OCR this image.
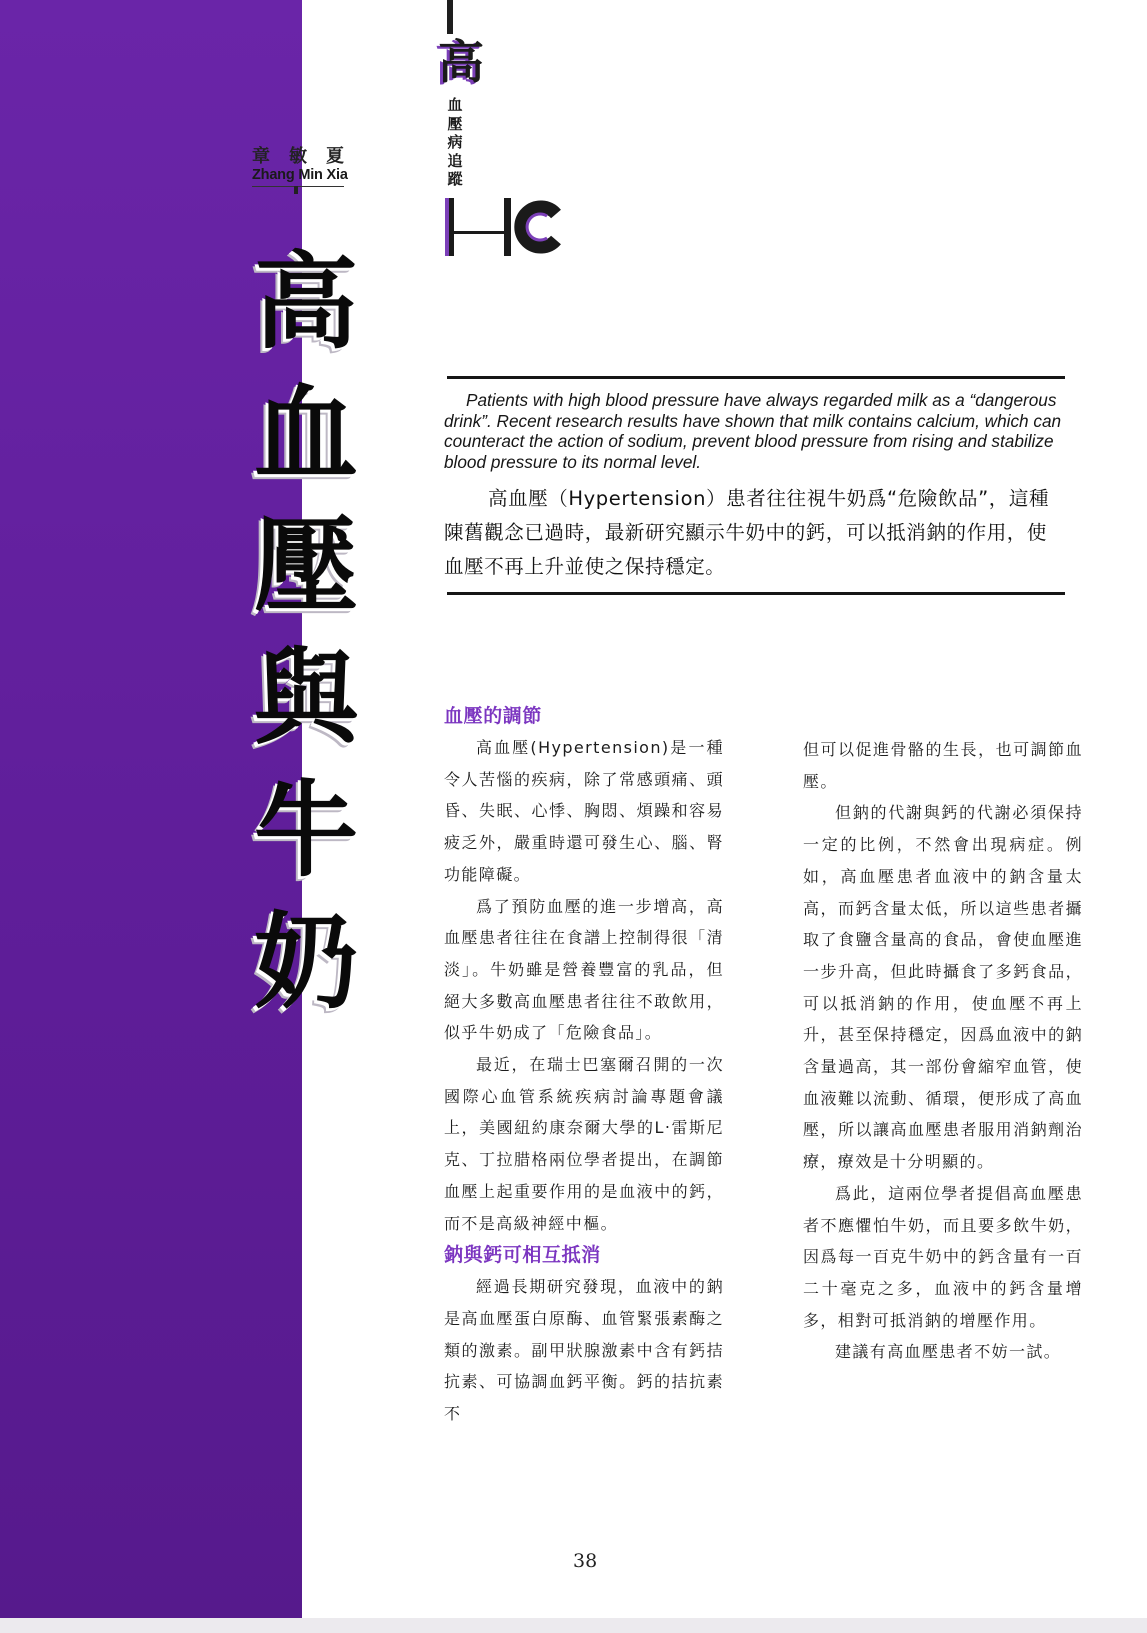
章 敏 夏
Zhang Min Xia
高
血
壓
與
牛
奶
高
血壓病追蹤
Patients with high blood pressure have always regarded milk as a “dangerous drink”. Recent research results have shown that milk contains calcium, which can counteract the action of sodium, prevent blood pressure from rising and stabilize blood pressure to its normal level.
高血壓（Hypertension）患者往往視牛奶爲“危險飲品”，這種陳舊觀念已過時，最新研究顯示牛奶中的鈣，可以抵消鈉的作用，使血壓不再上升並使之保持穩定。
血壓的調節

高血壓(Hypertension)是一種令人苦惱的疾病，除了常感頭痛、頭昏、失眠、心悸、胸悶、煩躁和容易疲乏外，嚴重時還可發生心、腦、腎功能障礙。

爲了預防血壓的進一步增高，高血壓患者往往在食譜上控制得很「清淡」。牛奶雖是營養豐富的乳品，但絕大多數高血壓患者往往不敢飲用，似乎牛奶成了「危險食品」。

最近，在瑞士巴塞爾召開的一次國際心血管系統疾病討論專題會議上，美國紐約康奈爾大學的L‧雷斯尼克、丁拉腊格兩位學者提出，在調節血壓上起重要作用的是血液中的鈣，而不是高級神經中樞。

鈉與鈣可相互抵消

經過長期研究發現，血液中的鈉是高血壓蛋白原酶、血管緊張素酶之類的激素。副甲狀腺激素中含有鈣拮抗素、可協調血鈣平衡。鈣的拮抗素不

但可以促進骨骼的生長，也可調節血壓。

但鈉的代謝與鈣的代謝必須保持一定的比例，不然會出現病症。例如，高血壓患者血液中的鈉含量太高，而鈣含量太低，所以這些患者攝取了食鹽含量高的食品，會使血壓進一步升高，但此時攝食了多鈣食品，可以抵消鈉的作用，使血壓不再上升，甚至保持穩定，因爲血液中的鈉含量過高，其一部份會縮窄血管，使血液難以流動、循環，便形成了高血壓，所以讓高血壓患者服用消鈉劑治療，療效是十分明顯的。

爲此，這兩位學者提倡高血壓患者不應懼怕牛奶，而且要多飲牛奶，因爲每一百克牛奶中的鈣含量有一百二十毫克之多，血液中的鈣含量增多，相對可抵消鈉的增壓作用。

建議有高血壓患者不妨一試。

38
